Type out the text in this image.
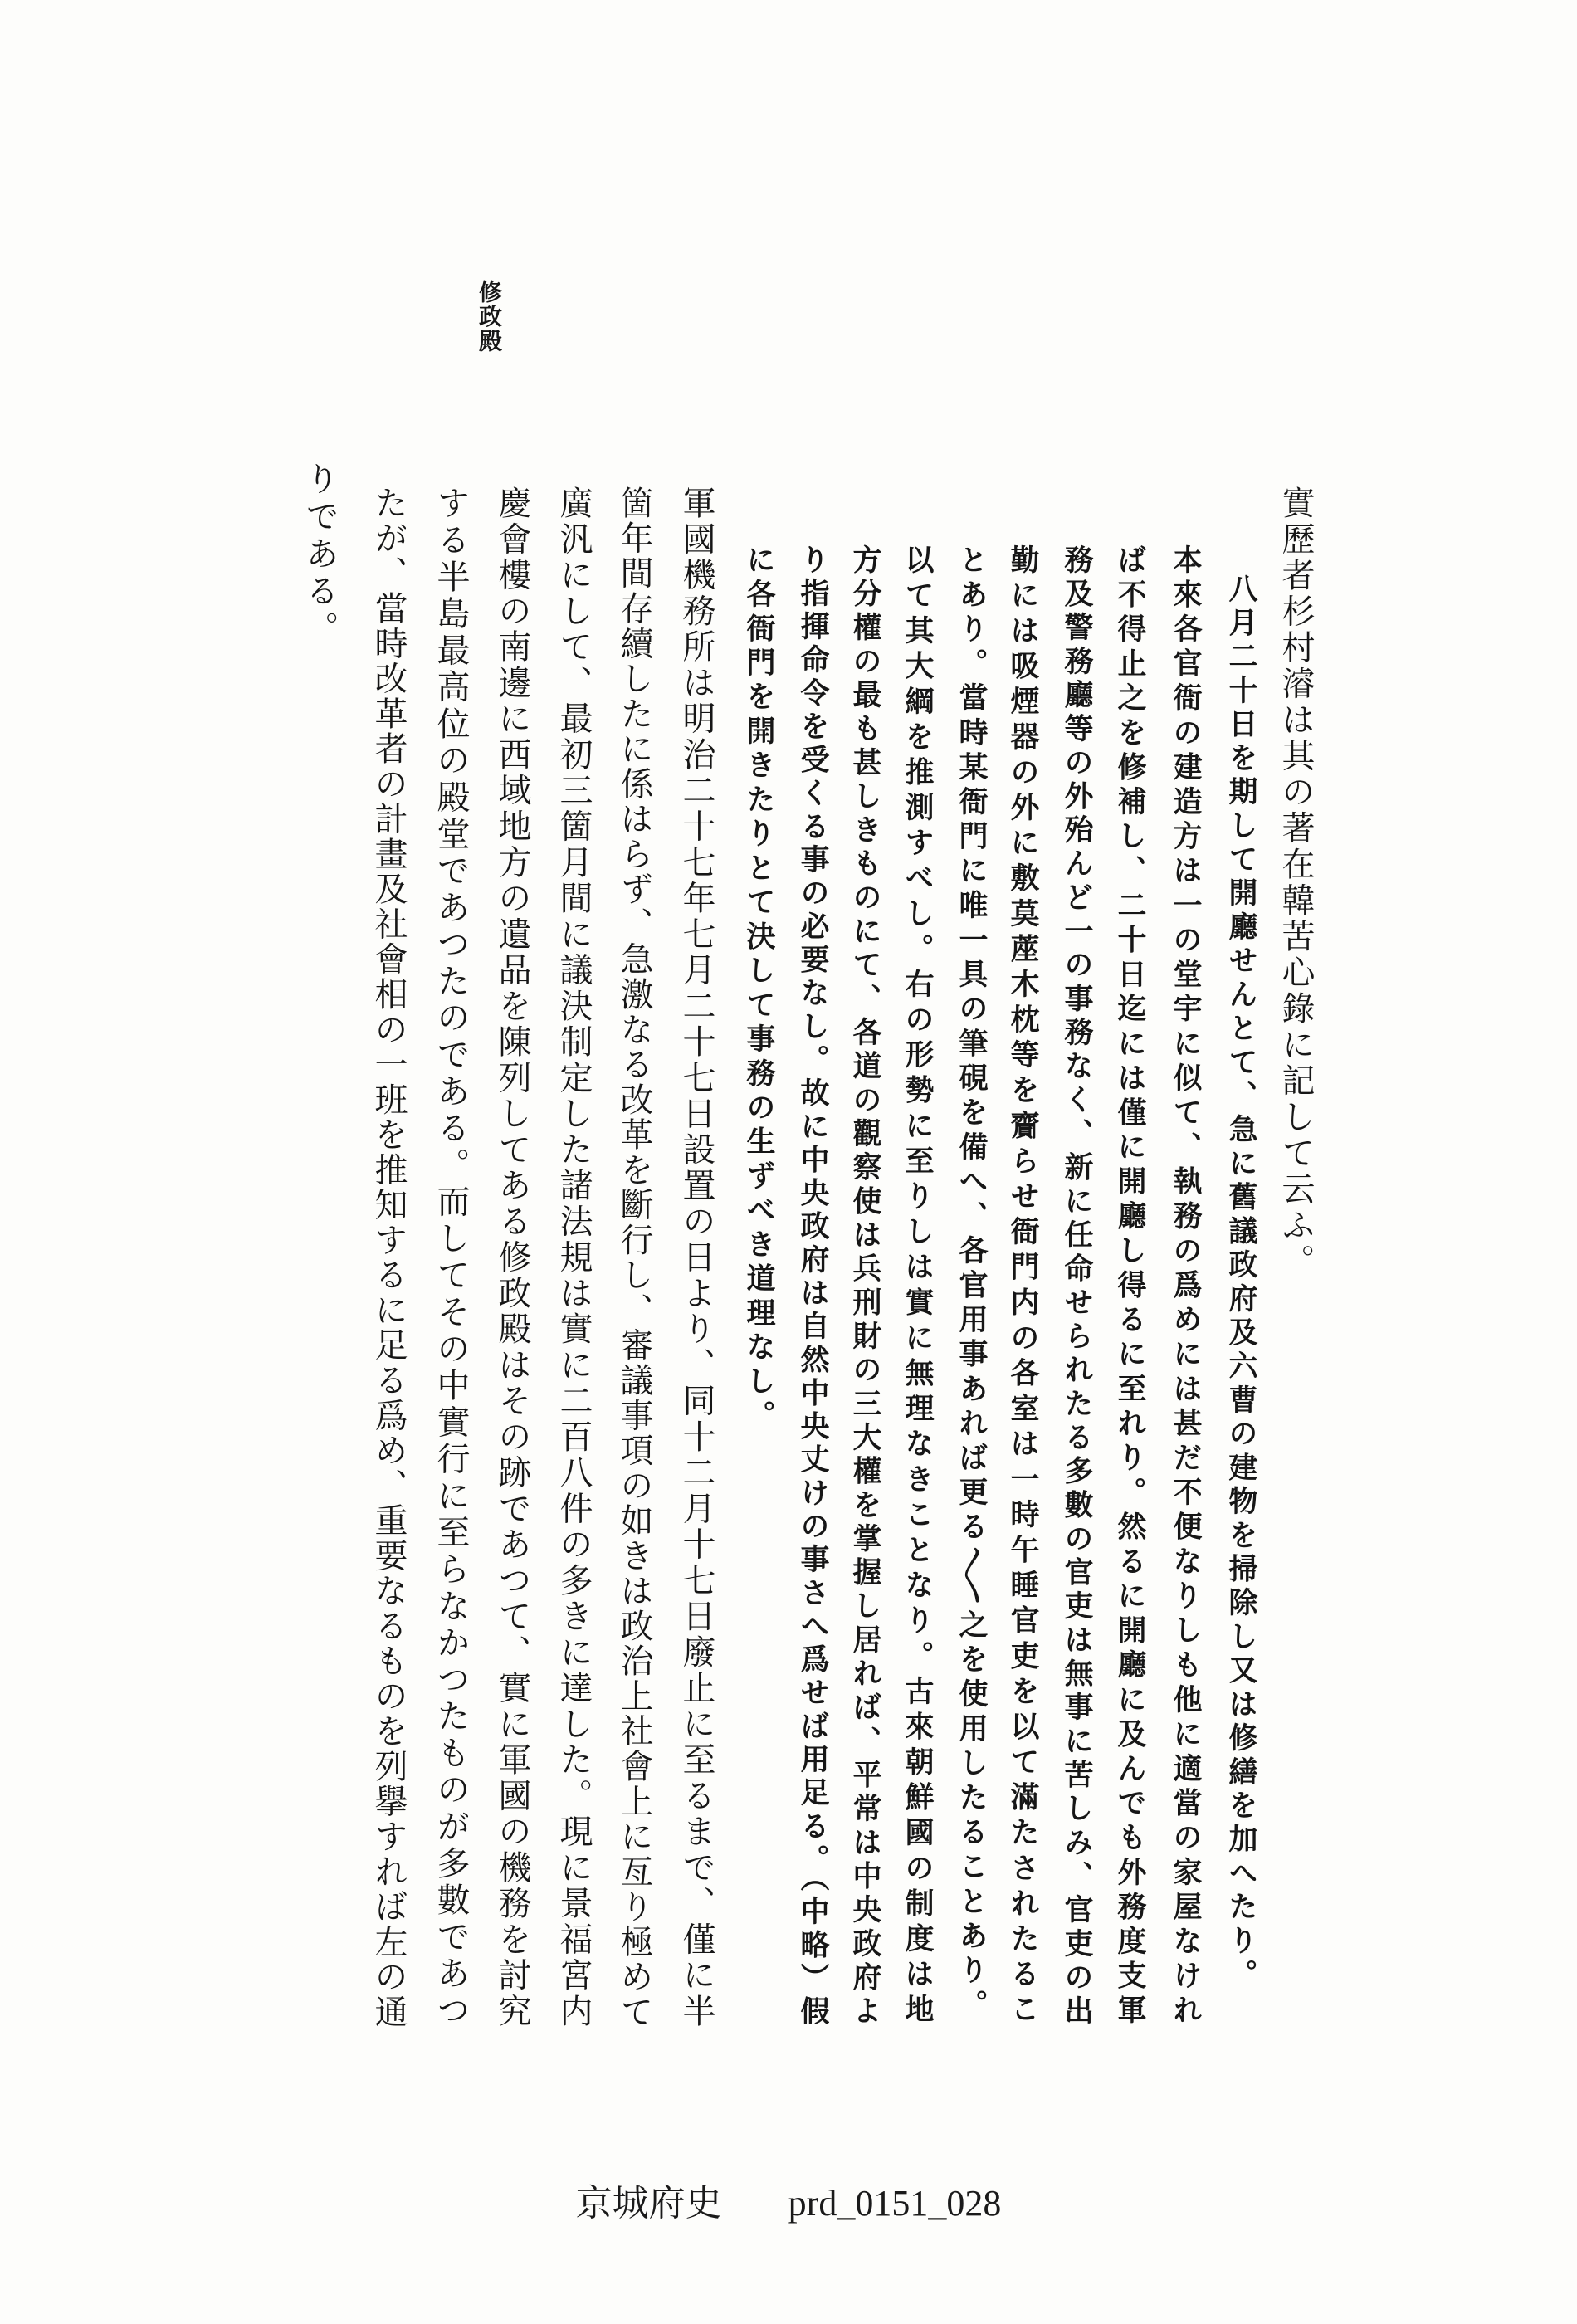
實歷者杉村濬は其の著在韓苦心錄に記して云ふ。
八月二十日を期して開廳せんとて、急に舊議政府及六曹の建物を掃除し又は修繕を加へたり。
本來各官衙の建造方は一の堂宇に似て、執務の爲めには甚だ不便なりしも他に適當の家屋なけれ
ば不得止之を修補し、二十日迄には僅に開廳し得るに至れり。然るに開廳に及んでも外務度支軍
務及警務廳等の外殆んど一の事務なく、新に任命せられたる多數の官吏は無事に苦しみ、官吏の出
勤には吸煙器の外に敷莫蓙木枕等を齎らせ衙門内の各室は一時午睡官吏を以て滿たされたるこ
とあり。當時某衙門に唯一具の筆硯を備へ、各官用事あれば更る〳〵之を使用したることあり。
以て其大綱を推測すべし。右の形勢に至りしは實に無理なきことなり。古來朝鮮國の制度は地
方分權の最も甚しきものにて、各道の觀察使は兵刑財の三大權を掌握し居れば、平常は中央政府よ
り指揮命令を受くる事の必要なし。故に中央政府は自然中央丈けの事さへ爲せば用足る。（中略）假
に各衙門を開きたりとて決して事務の生ずべき道理なし。
軍國機務所は明治二十七年七月二十七日設置の日より、同十二月十七日廢止に至るまで、僅に半
箇年間存續したに係はらず、急激なる改革を斷行し、審議事項の如きは政治上社會上に亙り極めて
廣汎にして、最初三箇月間に議決制定した諸法規は實に二百八件の多きに達した。現に景福宮内
慶會樓の南邊に西域地方の遺品を陳列してある修政殿はその跡であつて、實に軍國の機務を討究
する半島最高位の殿堂であつたのである。而してその中實行に至らなかつたものが多數であつ
たが、當時改革者の計畫及社會相の一班を推知するに足る爲め、重要なるものを列擧すれば左の通
りである。
修政殿
京城府史 prd_0151_028
